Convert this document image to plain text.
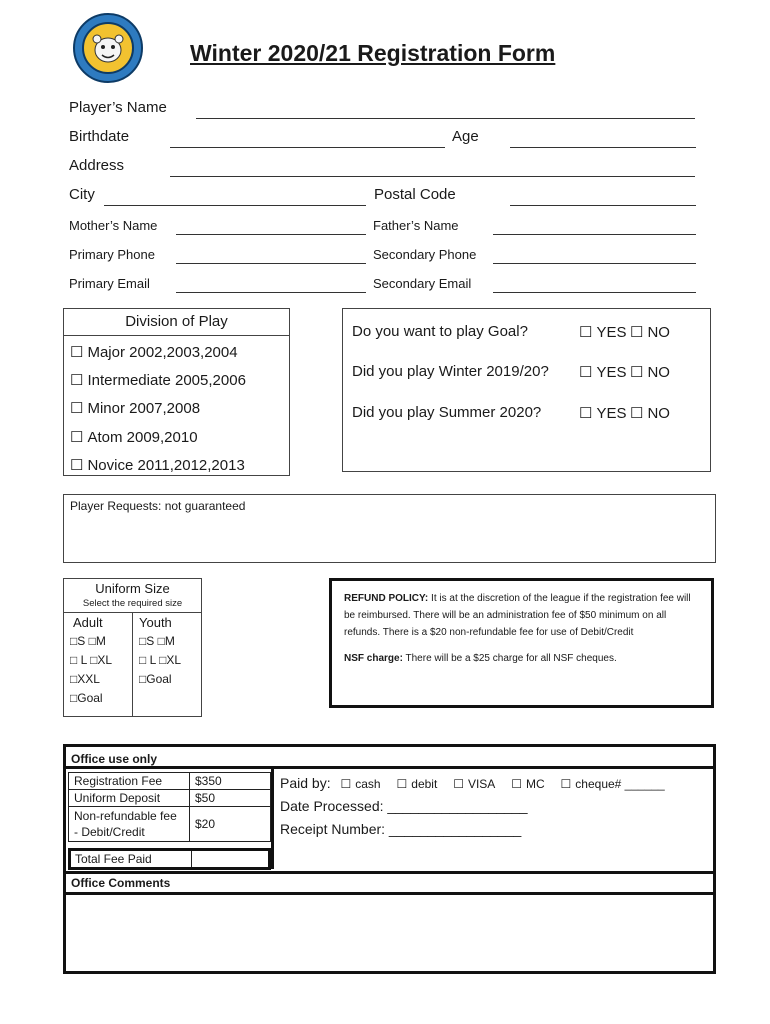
Winter 2020/21 Registration Form
Player’s Name
Birthdate	Age
Address
City	Postal Code
Mother’s Name	Father’s Name
Primary Phone	Secondary Phone
Primary Email	Secondary Email
Division of Play
☐ Major 2002,2003,2004
☐ Intermediate 2005,2006
☐ Minor 2007,2008
☐ Atom 2009,2010
☐ Novice 2011,2012,2013
Do you want to play Goal?	☐ YES	☐ NO
Did you play Winter 2019/20?	☐ YES	☐ NO
Did you play Summer 2020?	☐ YES	☐ NO
Player Requests: not guaranteed
Uniform Size
Select the required size
Adult
□S □M
□ L □XL
□XXL
□Goal
Youth
□S □M
□ L □XL
□Goal
REFUND POLICY: It is at the discretion of the league if the registration fee will be reimbursed. There will be an administration fee of $50 minimum on all refunds. There is a $20 non-refundable fee for use of Debit/Credit
NSF charge: There will be a $25 charge for all NSF cheques.
Office use only
Registration Fee	$350
Uniform Deposit	$50
Non-refundable fee - Debit/Credit	$20
Total Fee Paid
Paid by: ☐ cash	☐ debit	☐ VISA	☐ MC	☐ cheque# ______
Date Processed: __________________
Receipt Number: _________________
Office Comments
